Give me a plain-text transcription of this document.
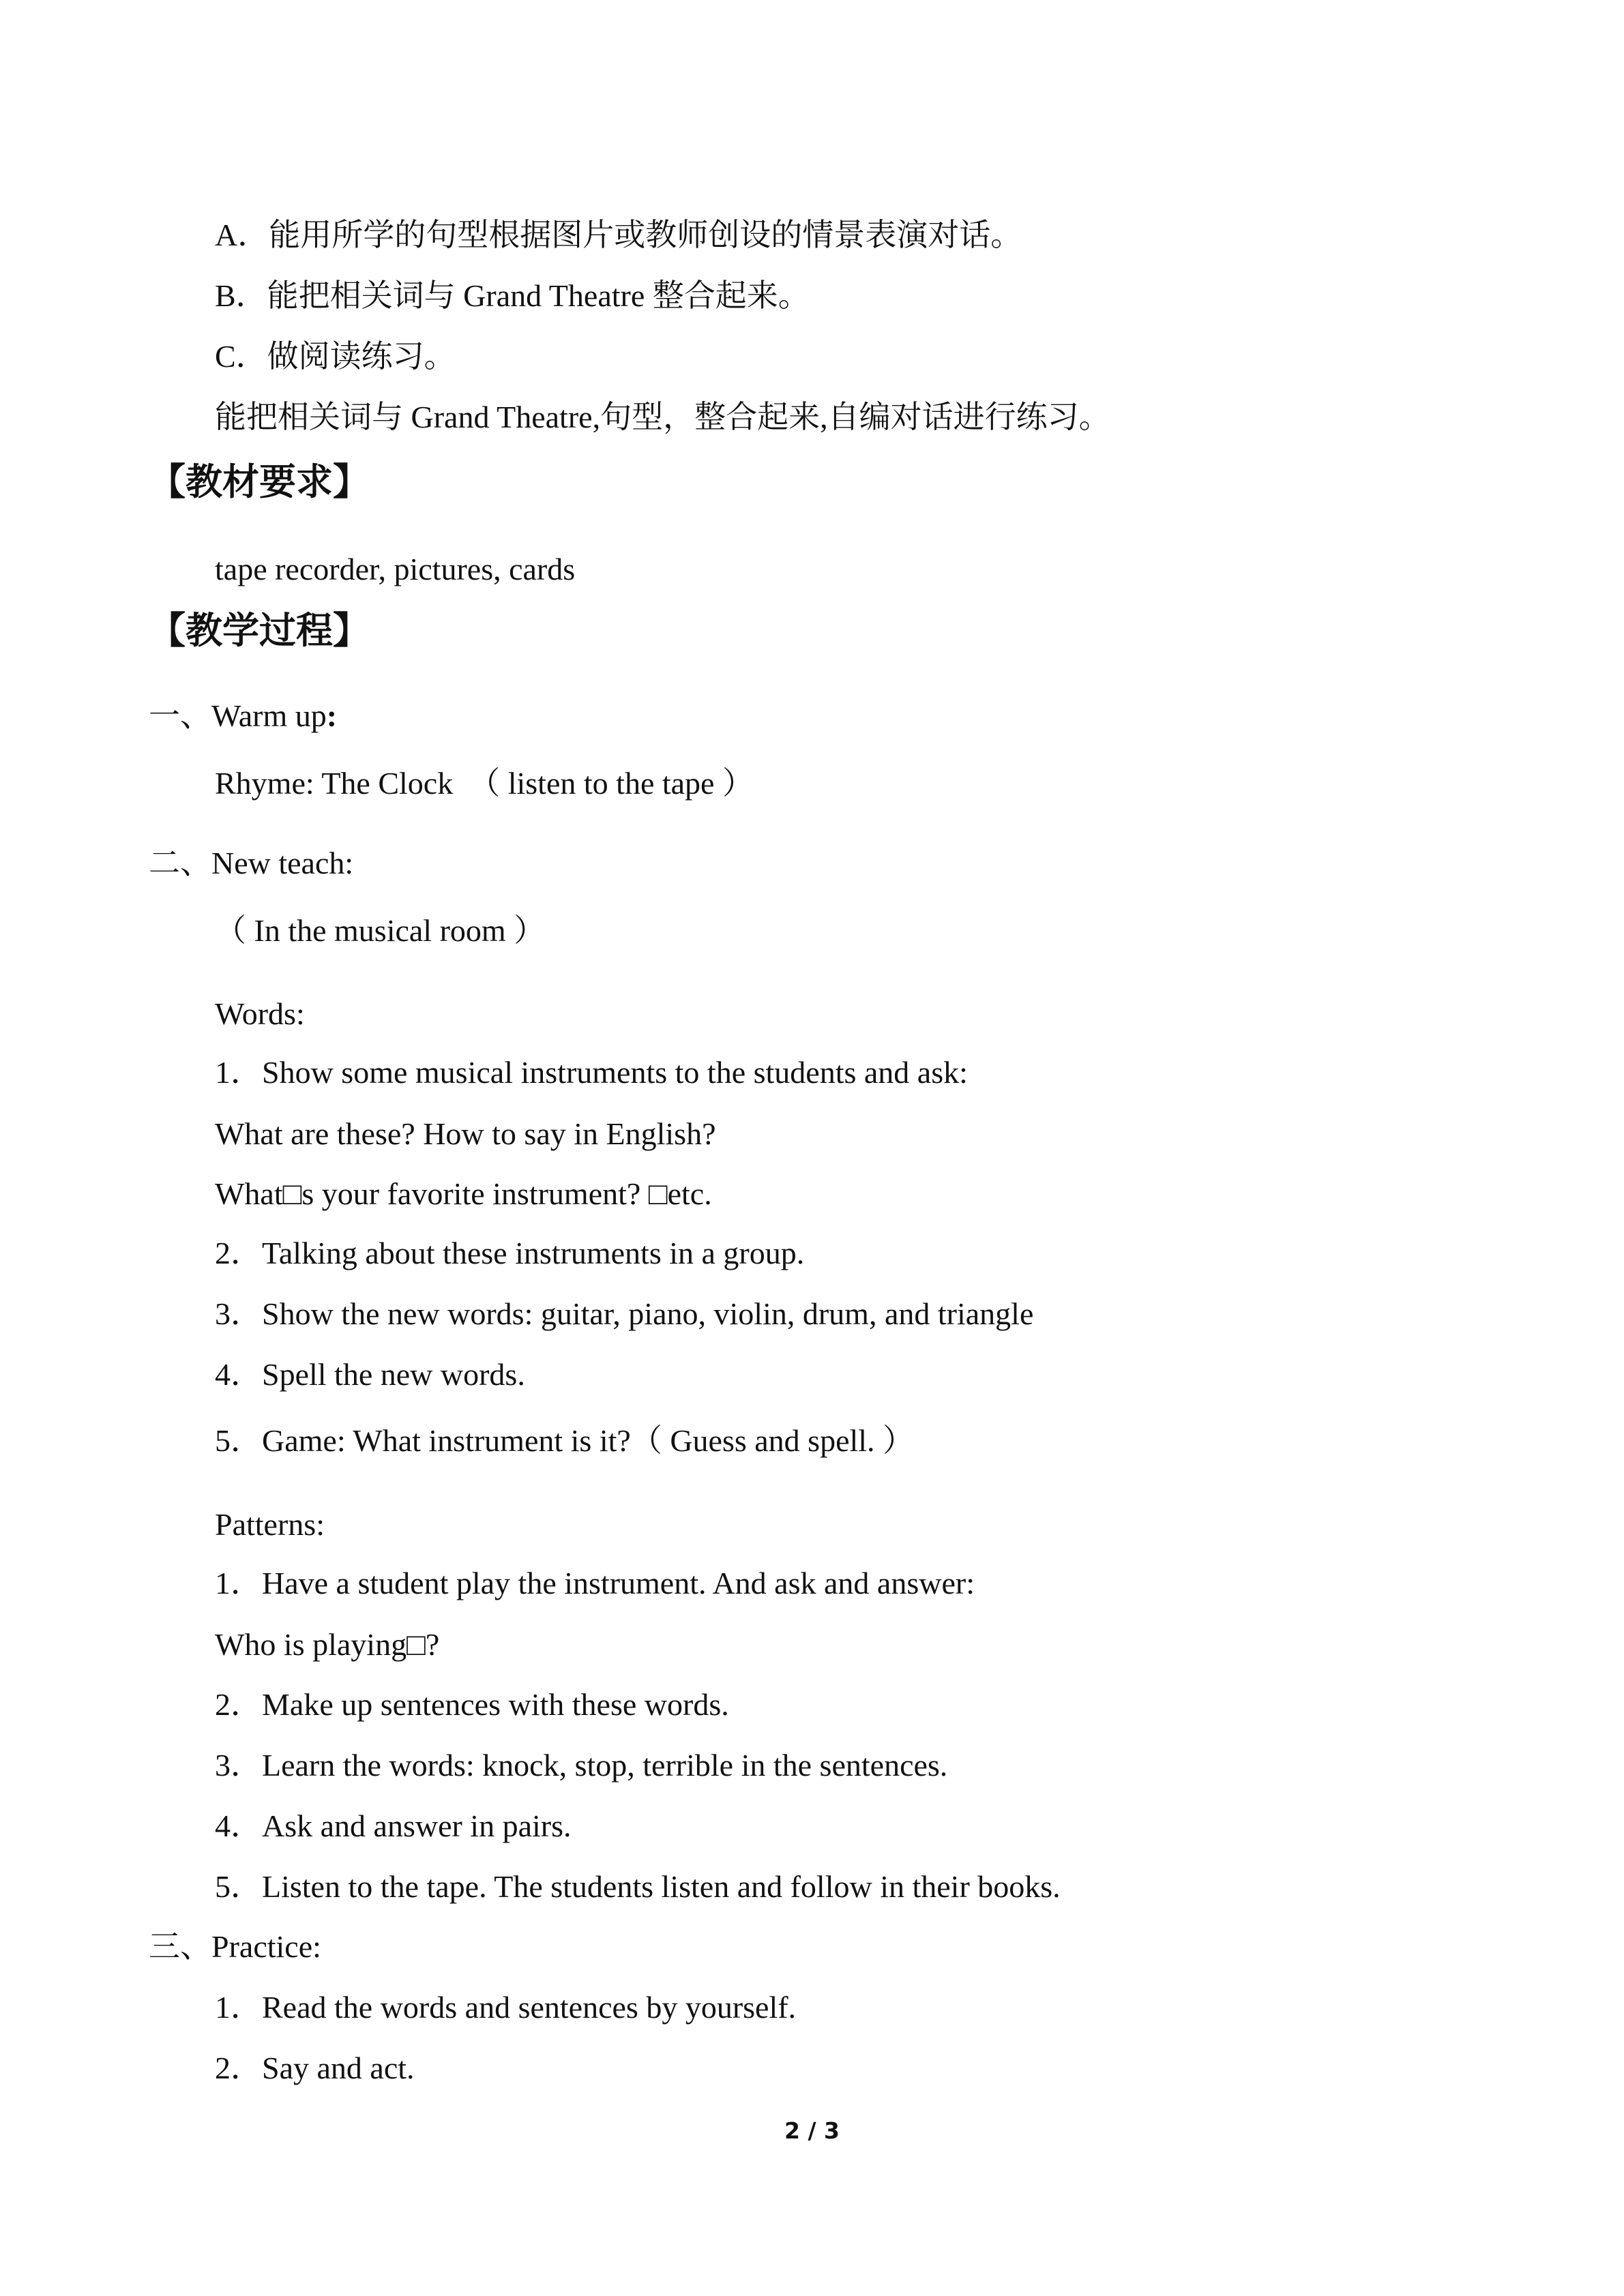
A．能用所学的句型根据图片或教师创设的情景表演对话。
B．能把相关词与 Grand Theatre 整合起来。
C．做阅读练习。
能把相关词与 Grand Theatre,句型，整合起来,自编对话进行练习。
【教材要求】
tape recorder, pictures, cards
【教学过程】
一、Warm up:
Rhyme: The Clock　（ listen to the tape ）
二、New teach:
（ In the musical room ）
Words:
1．Show some musical instruments to the students and ask:
What are these? How to say in English?
What□s your favorite instrument? □etc.
2．Talking about these instruments in a group.
3．Show the new words: guitar, piano, violin, drum, and triangle
4．Spell the new words.
5．Game: What instrument is it?（ Guess and spell. ）
Patterns:
1．Have a student play the instrument. And ask and answer:
Who is playing□?
2．Make up sentences with these words.
3．Learn the words: knock, stop, terrible in the sentences.
4．Ask and answer in pairs.
5．Listen to the tape. The students listen and follow in their books.
三、Practice:
1．Read the words and sentences by yourself.
2．Say and act.
2 / 3
